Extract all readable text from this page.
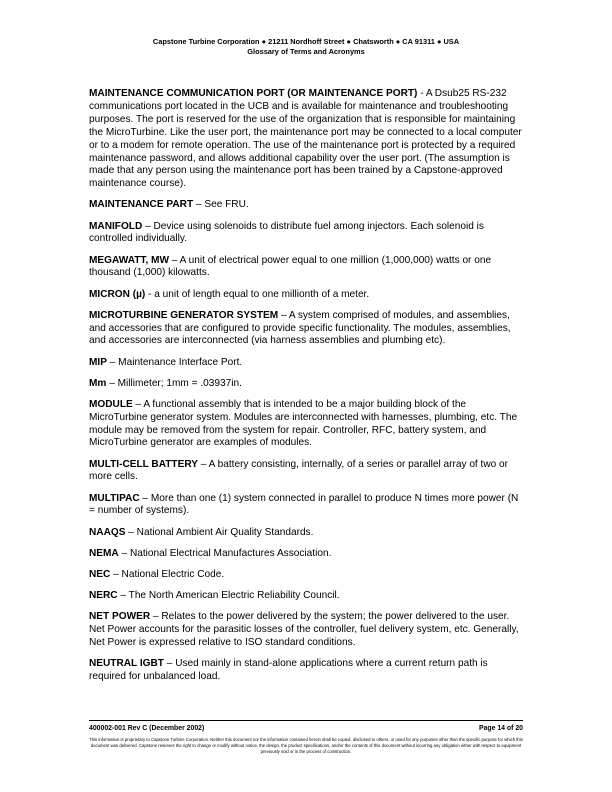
Capstone Turbine Corporation ● 21211 Nordhoff Street ● Chatsworth ● CA 91311 ● USA
Glossary of Terms and Acronyms

MAINTENANCE COMMUNICATION PORT (OR MAINTENANCE PORT) - A Dsub25 RS-232 communications port located in the UCB and is available for maintenance and troubleshooting purposes. The port is reserved for the use of the organization that is responsible for maintaining the MicroTurbine. Like the user port, the maintenance port may be connected to a local computer or to a modem for remote operation. The use of the maintenance port is protected by a required maintenance password, and allows additional capability over the user port. (The assumption is made that any person using the maintenance port has been trained by a Capstone-approved maintenance course).

MAINTENANCE PART – See FRU.

MANIFOLD – Device using solenoids to distribute fuel among injectors. Each solenoid is controlled individually.

MEGAWATT, MW – A unit of electrical power equal to one million (1,000,000) watts or one thousand (1,000) kilowatts.

MICRON (µ) - a unit of length equal to one millionth of a meter.

MICROTURBINE GENERATOR SYSTEM – A system comprised of modules, and assemblies, and accessories that are configured to provide specific functionality. The modules, assemblies, and accessories are interconnected (via harness assemblies and plumbing etc).

MIP – Maintenance Interface Port.

Mm – Millimeter; 1mm = .03937in.

MODULE – A functional assembly that is intended to be a major building block of the MicroTurbine generator system. Modules are interconnected with harnesses, plumbing, etc. The module may be removed from the system for repair. Controller, RFC, battery system, and MicroTurbine generator are examples of modules.

MULTI-CELL BATTERY – A battery consisting, internally, of a series or parallel array of two or more cells.

MULTIPAC – More than one (1) system connected in parallel to produce N times more power (N = number of systems).

NAAQS – National Ambient Air Quality Standards.

NEMA – National Electrical Manufactures Association.

NEC – National Electric Code.

NERC – The North American Electric Reliability Council.

NET POWER – Relates to the power delivered by the system; the power delivered to the user. Net Power accounts for the parasitic losses of the controller, fuel delivery system, etc. Generally, Net Power is expressed relative to ISO standard conditions.

NEUTRAL IGBT – Used mainly in stand-alone applications where a current return path is required for unbalanced load.

400002-001 Rev C (December 2002)	Page 14 of 20
This information is proprietary to Capstone Turbine Corporation. Neither this document nor the information contained herein shall be copied, disclosed to others, or used for any purposes other than the specific purpose for which this document was delivered. Capstone reserves the right to change or modify without notice, the design, the product specifications, and/or the contents of this document without incurring any obligation either with respect to equipment previously sold or in the process of construction.
